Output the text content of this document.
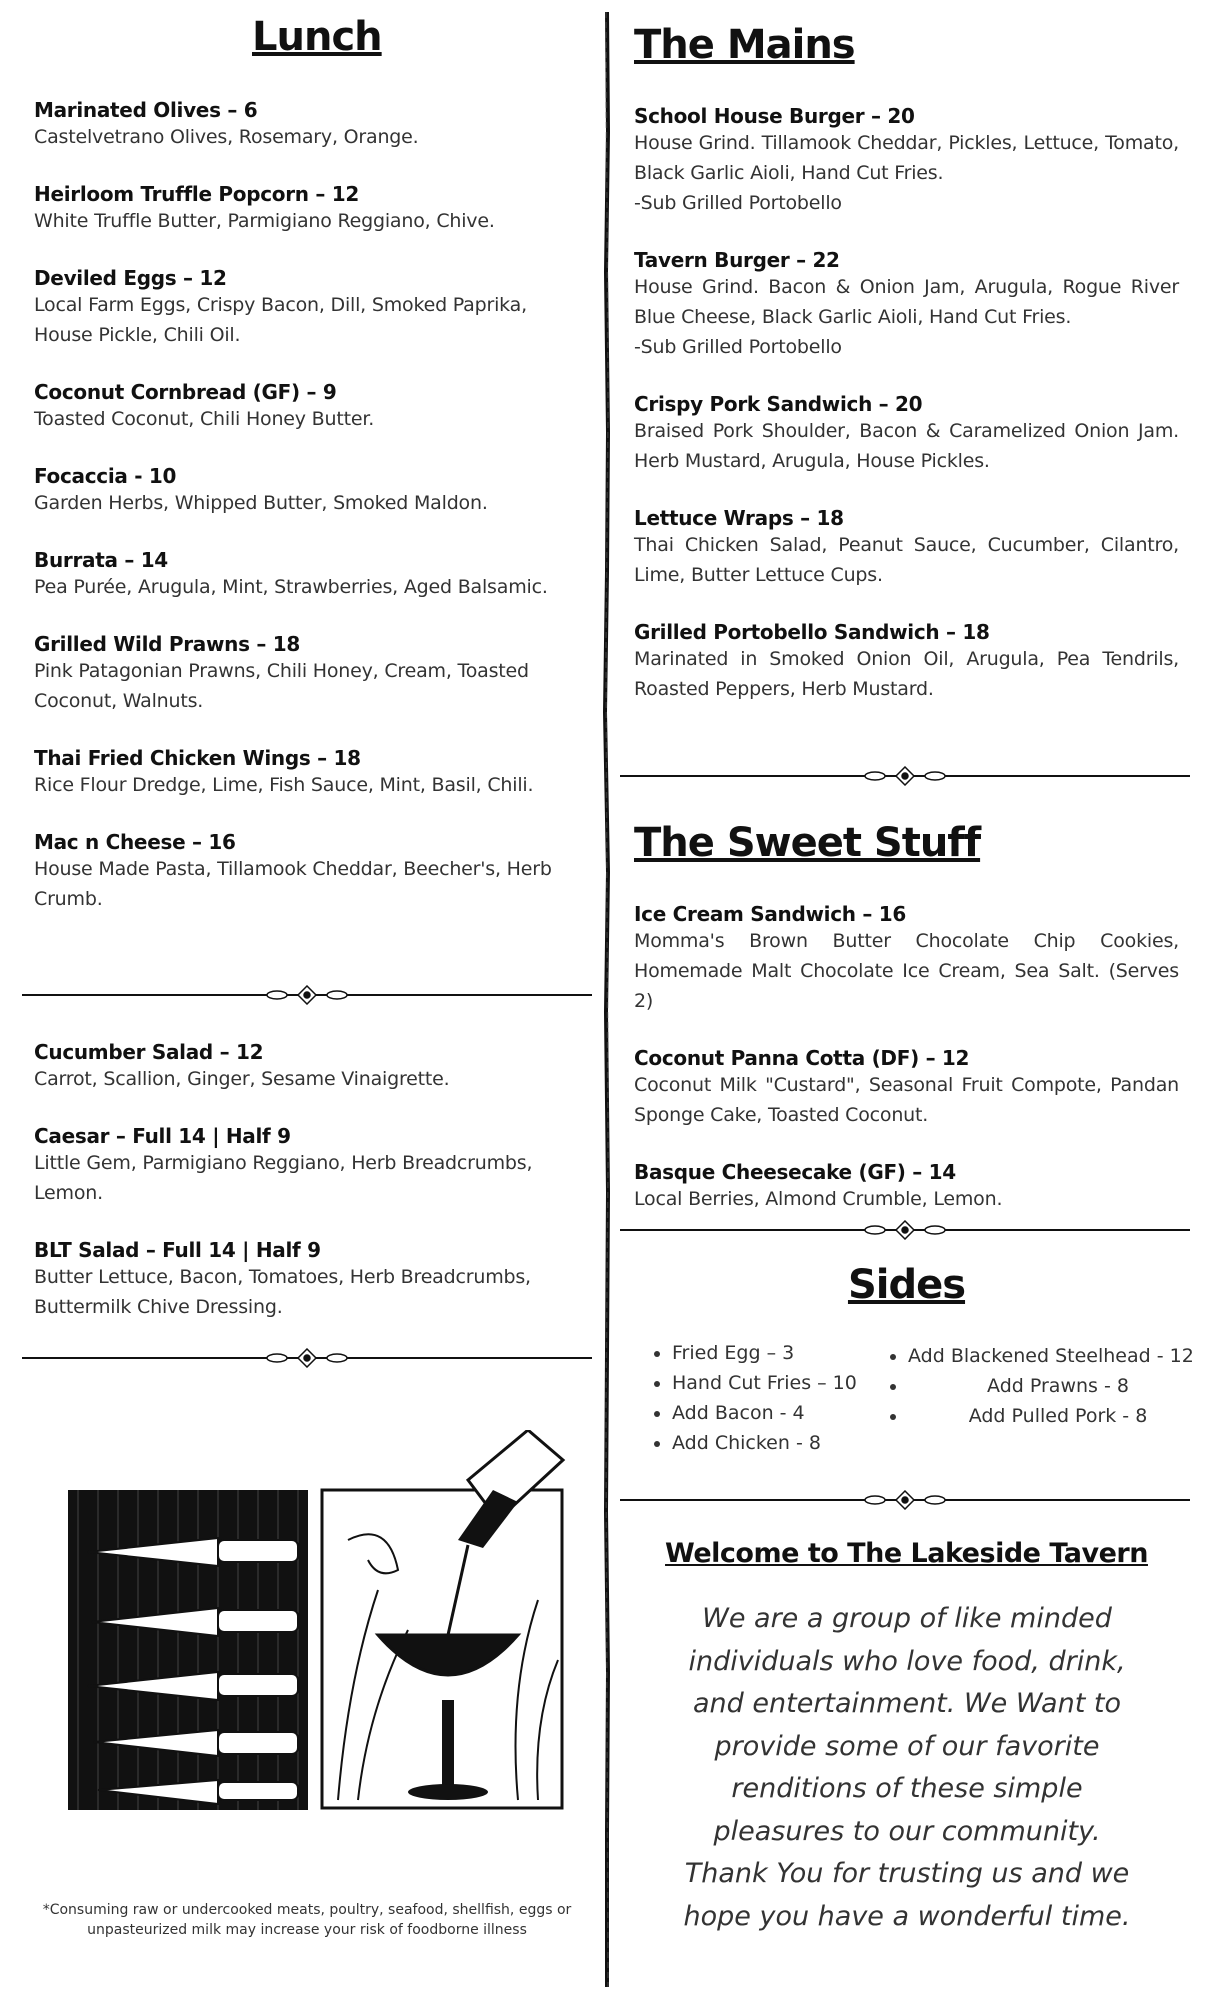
Lunch
Marinated Olives – 6
Castelvetrano Olives, Rosemary, Orange.
Heirloom Truffle Popcorn – 12
White Truffle Butter, Parmigiano Reggiano, Chive.
Deviled Eggs – 12
Local Farm Eggs, Crispy Bacon, Dill, Smoked Paprika, House Pickle, Chili Oil.
Coconut Cornbread (GF) – 9
Toasted Coconut, Chili Honey Butter.
Focaccia - 10
Garden Herbs, Whipped Butter, Smoked Maldon.
Burrata – 14
Pea Purée, Arugula, Mint, Strawberries, Aged Balsamic.
Grilled Wild Prawns – 18
Pink Patagonian Prawns, Chili Honey, Cream, Toasted Coconut, Walnuts.
Thai Fried Chicken Wings – 18
Rice Flour Dredge, Lime, Fish Sauce, Mint, Basil, Chili.
Mac n Cheese – 16
House Made Pasta, Tillamook Cheddar, Beecher's, Herb Crumb.
Cucumber Salad – 12
Carrot, Scallion, Ginger, Sesame Vinaigrette.
Caesar – Full 14 | Half 9
Little Gem, Parmigiano Reggiano, Herb Breadcrumbs, Lemon.
BLT Salad – Full 14 | Half 9
Butter Lettuce, Bacon, Tomatoes, Herb Breadcrumbs, Buttermilk Chive Dressing.
*Consuming raw or undercooked meats, poultry, seafood, shellfish, eggs or unpasteurized milk may increase your risk of foodborne illness
The Mains
School House Burger – 20
House Grind. Tillamook Cheddar, Pickles, Lettuce, Tomato, Black Garlic Aioli, Hand Cut Fries.
-Sub Grilled Portobello
Tavern Burger – 22
House Grind. Bacon & Onion Jam, Arugula, Rogue River Blue Cheese, Black Garlic Aioli, Hand Cut Fries.
-Sub Grilled Portobello
Crispy Pork Sandwich – 20
Braised Pork Shoulder, Bacon & Caramelized Onion Jam. Herb Mustard, Arugula, House Pickles.
Lettuce Wraps – 18
Thai Chicken Salad, Peanut Sauce, Cucumber, Cilantro, Lime, Butter Lettuce Cups.
Grilled Portobello Sandwich – 18
Marinated in Smoked Onion Oil, Arugula, Pea Tendrils, Roasted Peppers, Herb Mustard.
The Sweet Stuff
Ice Cream Sandwich – 16
Momma's Brown Butter Chocolate Chip Cookies, Homemade Malt Chocolate Ice Cream, Sea Salt. (Serves 2)
Coconut Panna Cotta (DF) – 12
Coconut Milk "Custard", Seasonal Fruit Compote, Pandan Sponge Cake, Toasted Coconut.
Basque Cheesecake (GF) – 14
Local Berries, Almond Crumble, Lemon.
Sides
• Fried Egg – 3
• Hand Cut Fries – 10
• Add Bacon - 4
• Add Chicken - 8
• Add Blackened Steelhead - 12
• Add Prawns - 8
• Add Pulled Pork - 8
Welcome to The Lakeside Tavern
We are a group of like minded individuals who love food, drink, and entertainment. We Want to provide some of our favorite renditions of these simple pleasures to our community. Thank You for trusting us and we hope you have a wonderful time.
